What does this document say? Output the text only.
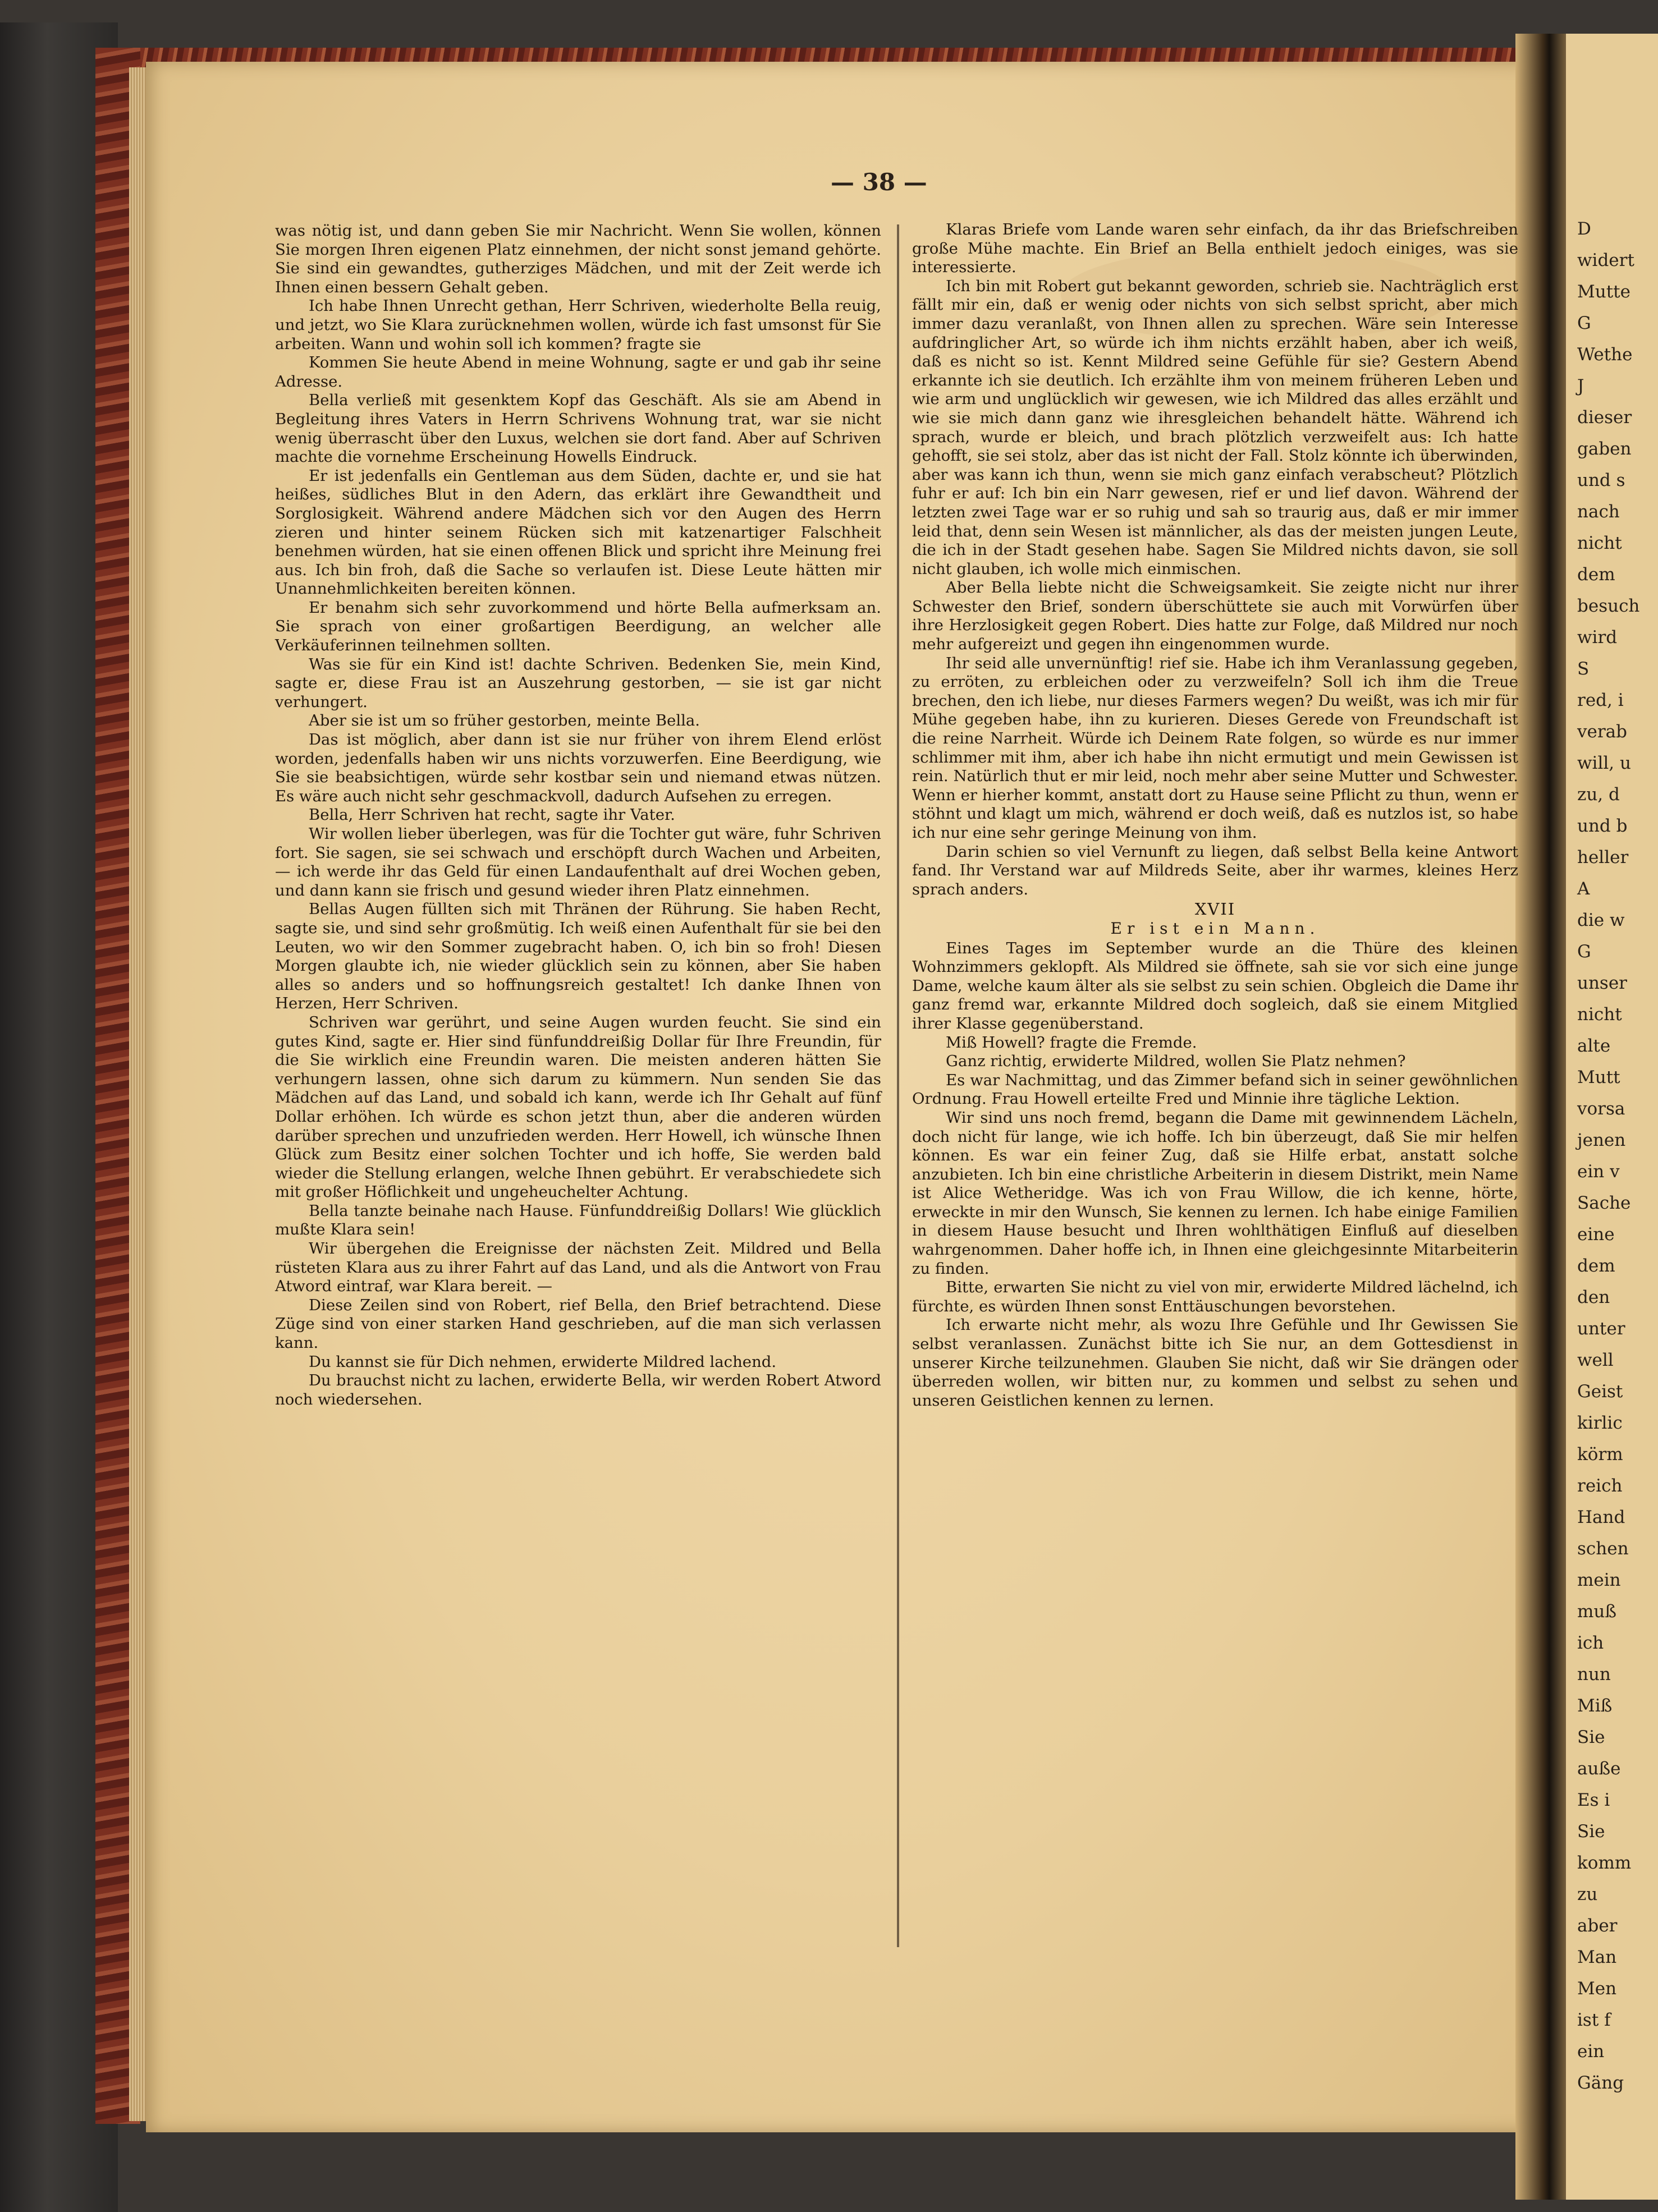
D
widert
Mutte
G
Wethe
J
dieser
gaben
und s
nach
nicht
dem
besuch
wird
S
red, i
verab
will, u
zu, d
und b
heller
A
die w
G
unser
nicht
alte
Mutt
vorsa
jenen
ein v
Sache
eine
dem
den
unter
well
Geist
kirlic
körm
reich
Hand
schen
mein
muß
ich
nun
Miß
Sie
auße
Es i
Sie
komm
zu
aber
Man
Men
ist f
ein
Gäng
— 38 —

was nötig ist, und dann geben Sie mir Nachricht. Wenn Sie wollen, können Sie morgen Ihren eigenen Platz einnehmen, der nicht sonst jemand gehörte. Sie sind ein gewandtes, gutherziges Mädchen, und mit der Zeit werde ich Ihnen einen bessern Gehalt geben.

Ich habe Ihnen Unrecht gethan, Herr Schriven, wiederholte Bella reuig, und jetzt, wo Sie Klara zurücknehmen wollen, würde ich fast umsonst für Sie arbeiten. Wann und wohin soll ich kommen? fragte sie

Kommen Sie heute Abend in meine Wohnung, sagte er und gab ihr seine Adresse.

Bella verließ mit gesenktem Kopf das Geschäft. Als sie am Abend in Begleitung ihres Vaters in Herrn Schrivens Wohnung trat, war sie nicht wenig überrascht über den Luxus, welchen sie dort fand. Aber auf Schriven machte die vornehme Erscheinung Howells Eindruck.

Er ist jedenfalls ein Gentleman aus dem Süden, dachte er, und sie hat heißes, südliches Blut in den Adern, das erklärt ihre Gewandtheit und Sorglosigkeit. Während andere Mädchen sich vor den Augen des Herrn zieren und hinter seinem Rücken sich mit katzenartiger Falschheit benehmen würden, hat sie einen offenen Blick und spricht ihre Meinung frei aus. Ich bin froh, daß die Sache so verlaufen ist. Diese Leute hätten mir Unannehmlichkeiten bereiten können.

Er benahm sich sehr zuvorkommend und hörte Bella aufmerksam an. Sie sprach von einer großartigen Beerdigung, an welcher alle Verkäuferinnen teilnehmen sollten.

Was sie für ein Kind ist! dachte Schriven. Bedenken Sie, mein Kind, sagte er, diese Frau ist an Auszehrung gestorben, — sie ist gar nicht verhungert.

Aber sie ist um so früher gestorben, meinte Bella.

Das ist möglich, aber dann ist sie nur früher von ihrem Elend erlöst worden, jedenfalls haben wir uns nichts vorzuwerfen. Eine Beerdigung, wie Sie sie beabsichtigen, würde sehr kostbar sein und niemand etwas nützen. Es wäre auch nicht sehr geschmackvoll, dadurch Aufsehen zu erregen.

Bella, Herr Schriven hat recht, sagte ihr Vater.

Wir wollen lieber überlegen, was für die Tochter gut wäre, fuhr Schriven fort. Sie sagen, sie sei schwach und erschöpft durch Wachen und Arbeiten, — ich werde ihr das Geld für einen Landaufenthalt auf drei Wochen geben, und dann kann sie frisch und gesund wieder ihren Platz einnehmen.

Bellas Augen füllten sich mit Thränen der Rührung. Sie haben Recht, sagte sie, und sind sehr großmütig. Ich weiß einen Aufenthalt für sie bei den Leuten, wo wir den Sommer zugebracht haben. O, ich bin so froh! Diesen Morgen glaubte ich, nie wieder glücklich sein zu können, aber Sie haben alles so anders und so hoffnungsreich gestaltet! Ich danke Ihnen von Herzen, Herr Schriven.

Schriven war gerührt, und seine Augen wurden feucht. Sie sind ein gutes Kind, sagte er. Hier sind fünfunddreißig Dollar für Ihre Freundin, für die Sie wirklich eine Freundin waren. Die meisten anderen hätten Sie verhungern lassen, ohne sich darum zu kümmern. Nun senden Sie das Mädchen auf das Land, und sobald ich kann, werde ich Ihr Gehalt auf fünf Dollar erhöhen. Ich würde es schon jetzt thun, aber die anderen würden darüber sprechen und unzufrieden werden. Herr Howell, ich wünsche Ihnen Glück zum Besitz einer solchen Tochter und ich hoffe, Sie werden bald wieder die Stellung erlangen, welche Ihnen gebührt. Er verabschiedete sich mit großer Höflichkeit und ungeheuchelter Achtung.

Bella tanzte beinahe nach Hause. Fünfunddreißig Dollars! Wie glücklich mußte Klara sein!

Wir übergehen die Ereignisse der nächsten Zeit. Mildred und Bella rüsteten Klara aus zu ihrer Fahrt auf das Land, und als die Antwort von Frau Atword eintraf, war Klara bereit. —

Diese Zeilen sind von Robert, rief Bella, den Brief betrachtend. Diese Züge sind von einer starken Hand geschrieben, auf die man sich verlassen kann.

Du kannst sie für Dich nehmen, erwiderte Mildred lachend.

Du brauchst nicht zu lachen, erwiderte Bella, wir werden Robert Atword noch wiedersehen.

Klaras Briefe vom Lande waren sehr einfach, da ihr das Briefschreiben große Mühe machte. Ein Brief an Bella enthielt jedoch einiges, was sie interessierte.

Ich bin mit Robert gut bekannt geworden, schrieb sie. Nachträglich erst fällt mir ein, daß er wenig oder nichts von sich selbst spricht, aber mich immer dazu veranlaßt, von Ihnen allen zu sprechen. Wäre sein Interesse aufdringlicher Art, so würde ich ihm nichts erzählt haben, aber ich weiß, daß es nicht so ist. Kennt Mildred seine Gefühle für sie? Gestern Abend erkannte ich sie deutlich. Ich erzählte ihm von meinem früheren Leben und wie arm und unglücklich wir gewesen, wie ich Mildred das alles erzählt und wie sie mich dann ganz wie ihresgleichen behandelt hätte. Während ich sprach, wurde er bleich, und brach plötzlich verzweifelt aus: Ich hatte gehofft, sie sei stolz, aber das ist nicht der Fall. Stolz könnte ich überwinden, aber was kann ich thun, wenn sie mich ganz einfach verabscheut? Plötzlich fuhr er auf: Ich bin ein Narr gewesen, rief er und lief davon. Während der letzten zwei Tage war er so ruhig und sah so traurig aus, daß er mir immer leid that, denn sein Wesen ist männlicher, als das der meisten jungen Leute, die ich in der Stadt gesehen habe. Sagen Sie Mildred nichts davon, sie soll nicht glauben, ich wolle mich einmischen.

Aber Bella liebte nicht die Schweigsamkeit. Sie zeigte nicht nur ihrer Schwester den Brief, sondern überschüttete sie auch mit Vorwürfen über ihre Herzlosigkeit gegen Robert. Dies hatte zur Folge, daß Mildred nur noch mehr aufgereizt und gegen ihn eingenommen wurde.

Ihr seid alle unvernünftig! rief sie. Habe ich ihm Veranlassung gegeben, zu erröten, zu erbleichen oder zu verzweifeln? Soll ich ihm die Treue brechen, den ich liebe, nur dieses Farmers wegen? Du weißt, was ich mir für Mühe gegeben habe, ihn zu kurieren. Dieses Gerede von Freundschaft ist die reine Narrheit. Würde ich Deinem Rate folgen, so würde es nur immer schlimmer mit ihm, aber ich habe ihn nicht ermutigt und mein Gewissen ist rein. Natürlich thut er mir leid, noch mehr aber seine Mutter und Schwester. Wenn er hierher kommt, anstatt dort zu Hause seine Pflicht zu thun, wenn er stöhnt und klagt um mich, während er doch weiß, daß es nutzlos ist, so habe ich nur eine sehr geringe Meinung von ihm.

Darin schien so viel Vernunft zu liegen, daß selbst Bella keine Antwort fand. Ihr Verstand war auf Mildreds Seite, aber ihr warmes, kleines Herz sprach anders.

XVII
Er ist ein Mann.

Eines Tages im September wurde an die Thüre des kleinen Wohnzimmers geklopft. Als Mildred sie öffnete, sah sie vor sich eine junge Dame, welche kaum älter als sie selbst zu sein schien. Obgleich die Dame ihr ganz fremd war, erkannte Mildred doch sogleich, daß sie einem Mitglied ihrer Klasse gegenüberstand.

Miß Howell? fragte die Fremde.

Ganz richtig, erwiderte Mildred, wollen Sie Platz nehmen?

Es war Nachmittag, und das Zimmer befand sich in seiner gewöhnlichen Ordnung. Frau Howell erteilte Fred und Minnie ihre tägliche Lektion.

Wir sind uns noch fremd, begann die Dame mit gewinnendem Lächeln, doch nicht für lange, wie ich hoffe. Ich bin überzeugt, daß Sie mir helfen können. Es war ein feiner Zug, daß sie Hilfe erbat, anstatt solche anzubieten. Ich bin eine christliche Arbeiterin in diesem Distrikt, mein Name ist Alice Wetheridge. Was ich von Frau Willow, die ich kenne, hörte, erweckte in mir den Wunsch, Sie kennen zu lernen. Ich habe einige Familien in diesem Hause besucht und Ihren wohlthätigen Einfluß auf dieselben wahrgenommen. Daher hoffe ich, in Ihnen eine gleichgesinnte Mitarbeiterin zu finden.

Bitte, erwarten Sie nicht zu viel von mir, erwiderte Mildred lächelnd, ich fürchte, es würden Ihnen sonst Enttäuschungen bevorstehen.

Ich erwarte nicht mehr, als wozu Ihre Gefühle und Ihr Gewissen Sie selbst veranlassen. Zunächst bitte ich Sie nur, an dem Gottesdienst in unserer Kirche teilzunehmen. Glauben Sie nicht, daß wir Sie drängen oder überreden wollen, wir bitten nur, zu kommen und selbst zu sehen und unseren Geistlichen kennen zu lernen.
